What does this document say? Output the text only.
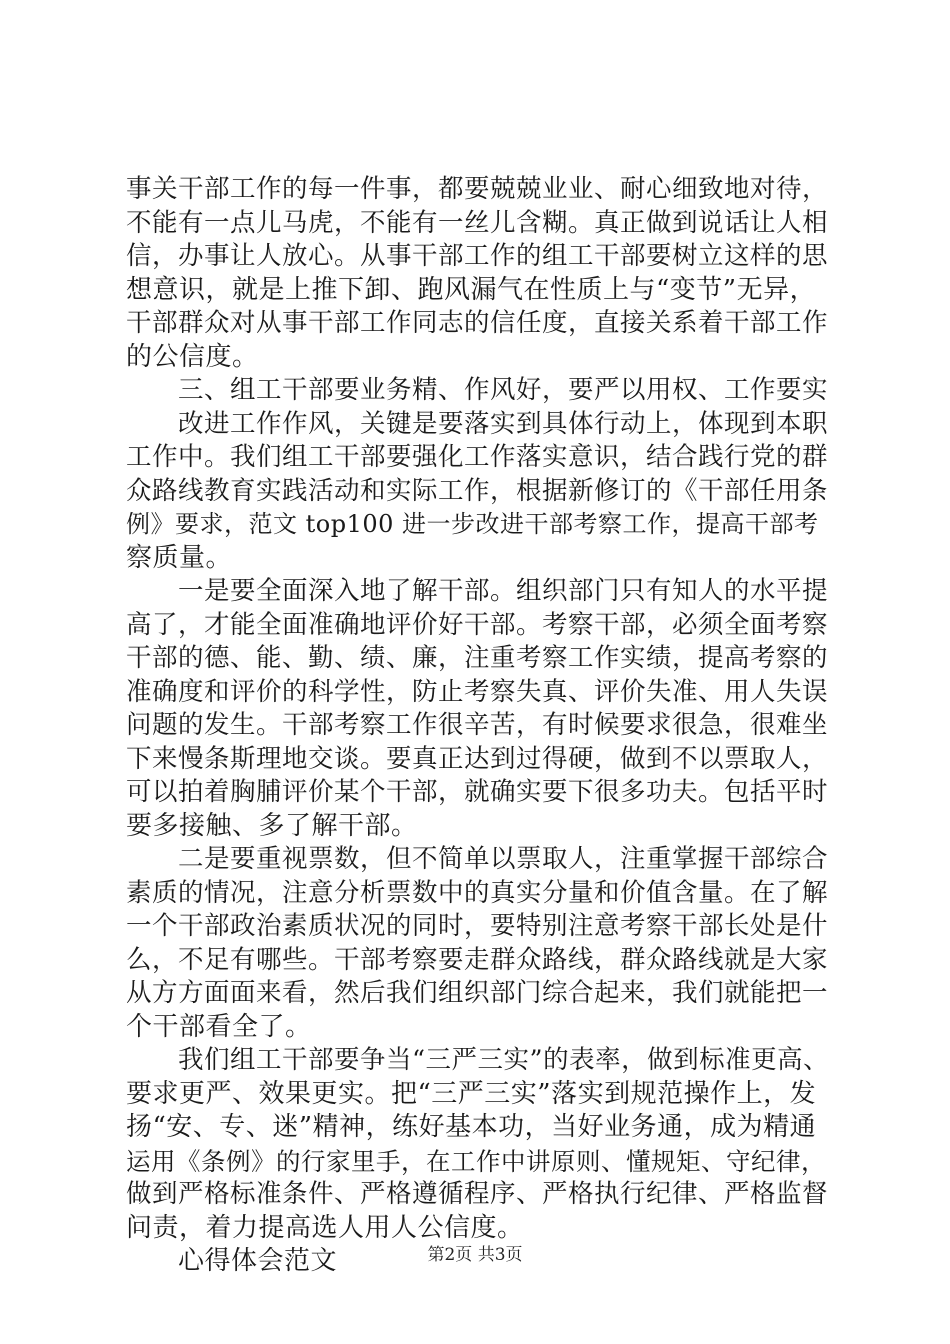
事关干部工作的每一件事，都要兢兢业业、耐心细致地对待，
不能有一点儿马虎，不能有一丝儿含糊。真正做到说话让人相
信，办事让人放心。从事干部工作的组工干部要树立这样的思
想意识，就是上推下卸、跑风漏气在性质上与“变节”无异，
干部群众对从事干部工作同志的信任度，直接关系着干部工作
的公信度。
三、组工干部要业务精、作风好，要严以用权、工作要实
改进工作作风，关键是要落实到具体行动上，体现到本职
工作中。我们组工干部要强化工作落实意识，结合践行党的群
众路线教育实践活动和实际工作，根据新修订的《干部任用条
例》要求，范文 top100 进一步改进干部考察工作，提高干部考
察质量。
一是要全面深入地了解干部。组织部门只有知人的水平提
高了，才能全面准确地评价好干部。考察干部，必须全面考察
干部的德、能、勤、绩、廉，注重考察工作实绩，提高考察的
准确度和评价的科学性，防止考察失真、评价失准、用人失误
问题的发生。干部考察工作很辛苦，有时候要求很急，很难坐
下来慢条斯理地交谈。要真正达到过得硬，做到不以票取人，
可以拍着胸脯评价某个干部，就确实要下很多功夫。包括平时
要多接触、多了解干部。
二是要重视票数，但不简单以票取人，注重掌握干部综合
素质的情况，注意分析票数中的真实分量和价值含量。在了解
一个干部政治素质状况的同时，要特别注意考察干部长处是什
么，不足有哪些。干部考察要走群众路线，群众路线就是大家
从方方面面来看，然后我们组织部门综合起来，我们就能把一
个干部看全了。
我们组工干部要争当“三严三实”的表率，做到标准更高、
要求更严、效果更实。把“三严三实”落实到规范操作上，发
扬“安、专、迷”精神，练好基本功，当好业务通，成为精通
运用《条例》的行家里手，在工作中讲原则、懂规矩、守纪律，
做到严格标准条件、严格遵循程序、严格执行纪律、严格监督
问责，着力提高选人用人公信度。
心得体会范文	第2页 共3页
